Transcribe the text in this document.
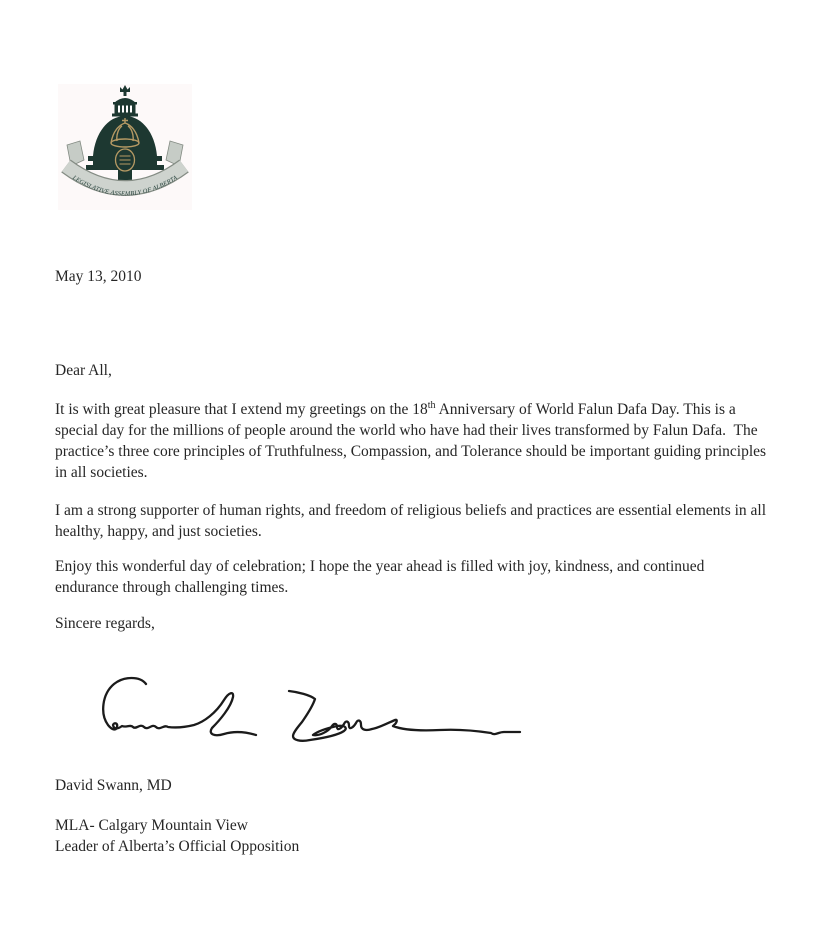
LEGISLATIVE ASSEMBLY OF ALBERTA
May 13, 2010
Dear All,

It is with great pleasure that I extend my greetings on the 18th Anniversary of World Falun Dafa Day. This is a special day for the millions of people around the world who have had their lives transformed by Falun Dafa.  The practice’s three core principles of Truthfulness, Compassion, and Tolerance should be important guiding principles in all societies.

I am a strong supporter of human rights, and freedom of religious beliefs and practices are essential elements in all healthy, happy, and just societies.

Enjoy this wonderful day of celebration; I hope the year ahead is filled with joy, kindness, and continued endurance through challenging times.

Sincere regards,
David Swann, MD
MLA- Calgary Mountain View
Leader of Alberta’s Official Opposition
